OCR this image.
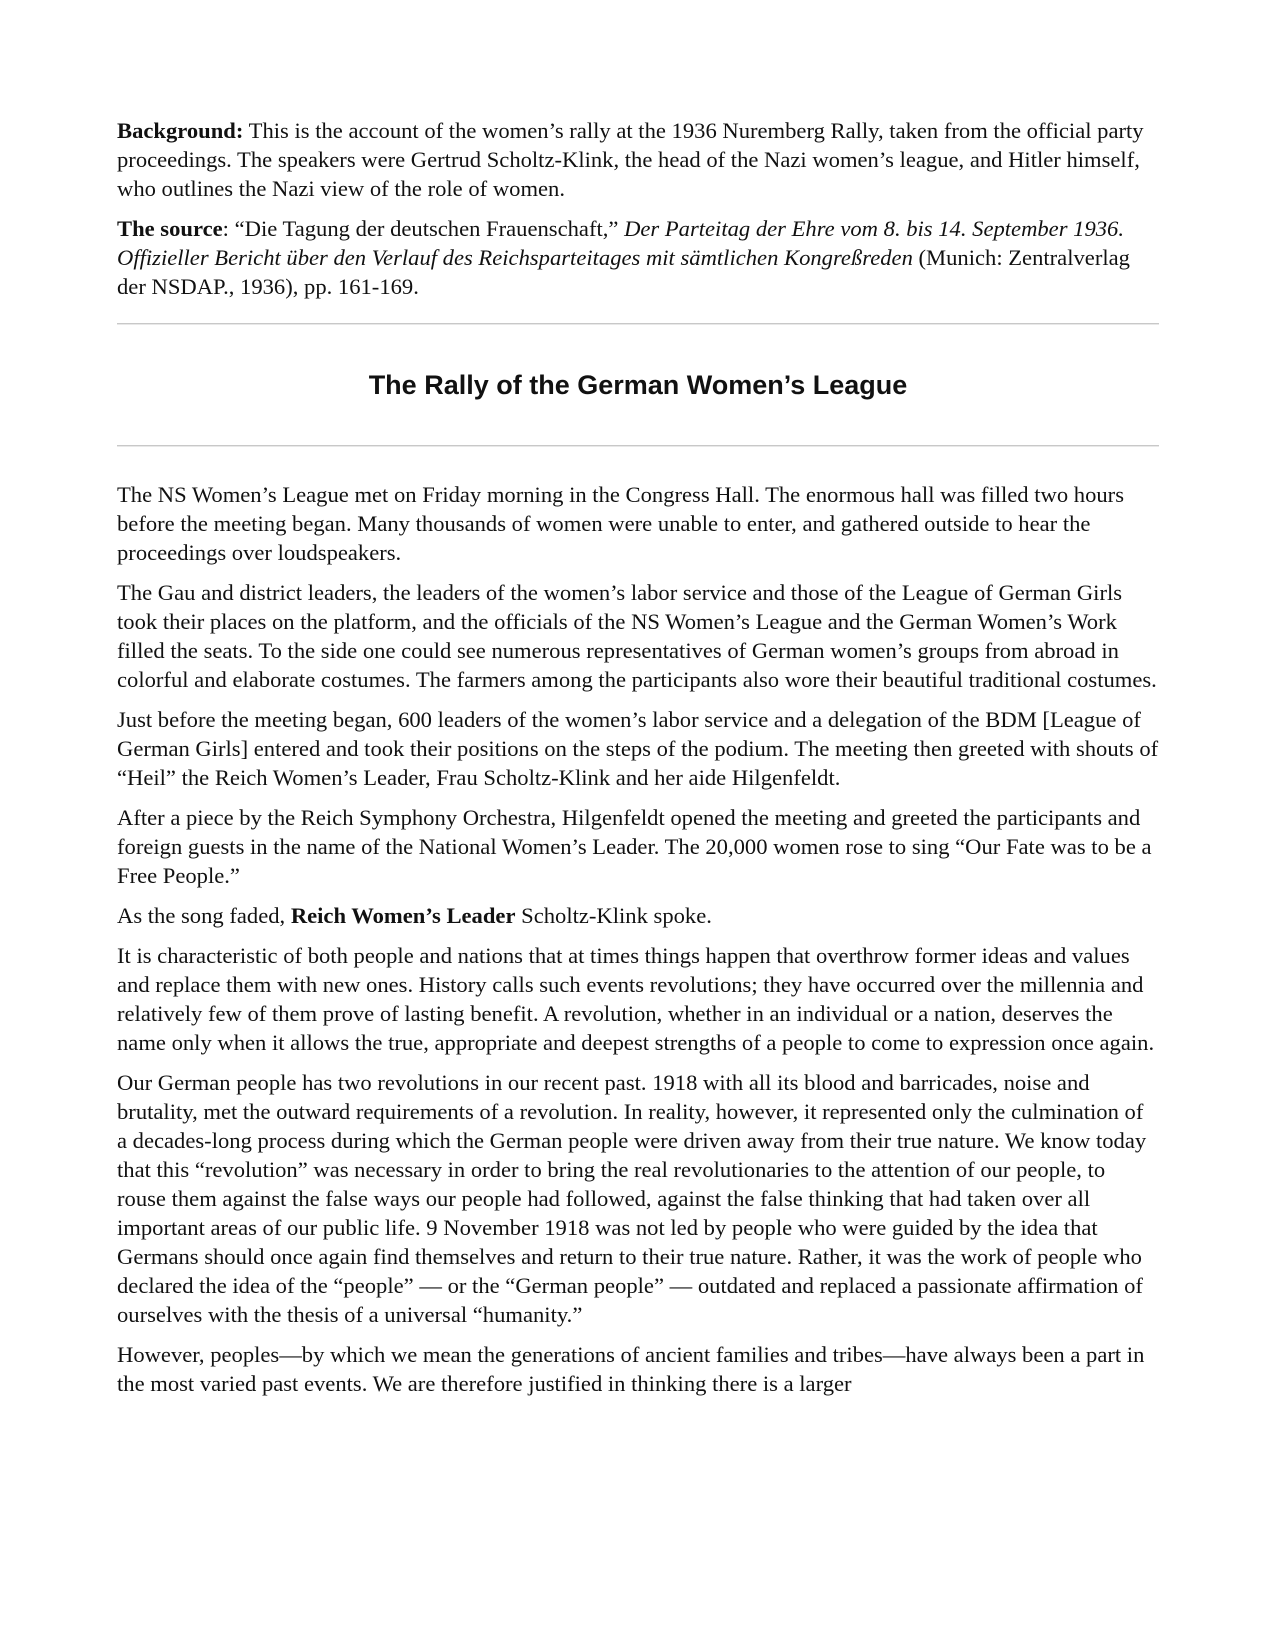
Background: This is the account of the women’s rally at the 1936 Nuremberg Rally, taken from the official party proceedings. The speakers were Gertrud Scholtz-Klink, the head of the Nazi women’s league, and Hitler himself, who outlines the Nazi view of the role of women.

The source: “Die Tagung der deutschen Frauenschaft,” Der Parteitag der Ehre vom 8. bis 14. September 1936. Offizieller Bericht über den Verlauf des Reichsparteitages mit sämtlichen Kongreßreden (Munich: Zentralverlag der NSDAP., 1936), pp. 161-169.

The Rally of the German Women’s League

The NS Women’s League met on Friday morning in the Congress Hall. The enormous hall was filled two hours before the meeting began. Many thousands of women were unable to enter, and gathered outside to hear the proceedings over loudspeakers.

The Gau and district leaders, the leaders of the women’s labor service and those of the League of German Girls took their places on the platform, and the officials of the NS Women’s League and the German Women’s Work filled the seats. To the side one could see numerous representatives of German women’s groups from abroad in colorful and elaborate costumes. The farmers among the participants also wore their beautiful traditional costumes.

Just before the meeting began, 600 leaders of the women’s labor service and a delegation of the BDM [League of German Girls] entered and took their positions on the steps of the podium. The meeting then greeted with shouts of “Heil” the Reich Women’s Leader, Frau Scholtz-Klink and her aide Hilgenfeldt.

After a piece by the Reich Symphony Orchestra, Hilgenfeldt opened the meeting and greeted the participants and foreign guests in the name of the National Women’s Leader. The 20,000 women rose to sing “Our Fate was to be a Free People.”

As the song faded, Reich Women’s Leader Scholtz-Klink spoke.

It is characteristic of both people and nations that at times things happen that overthrow former ideas and values and replace them with new ones. History calls such events revolutions; they have occurred over the millennia and relatively few of them prove of lasting benefit. A revolution, whether in an individual or a nation, deserves the name only when it allows the true, appropriate and deepest strengths of a people to come to expression once again.

Our German people has two revolutions in our recent past. 1918 with all its blood and barricades, noise and brutality, met the outward requirements of a revolution. In reality, however, it represented only the culmination of a decades-long process during which the German people were driven away from their true nature. We know today that this “revolution” was necessary in order to bring the real revolutionaries to the attention of our people, to rouse them against the false ways our people had followed, against the false thinking that had taken over all important areas of our public life. 9 November 1918 was not led by people who were guided by the idea that Germans should once again find themselves and return to their true nature. Rather, it was the work of people who declared the idea of the “people” — or the “German people” — outdated and replaced a passionate affirmation of ourselves with the thesis of a universal “humanity.”

However, peoples—by which we mean the generations of ancient families and tribes—have always been a part in the most varied past events. We are therefore justified in thinking there is a larger
